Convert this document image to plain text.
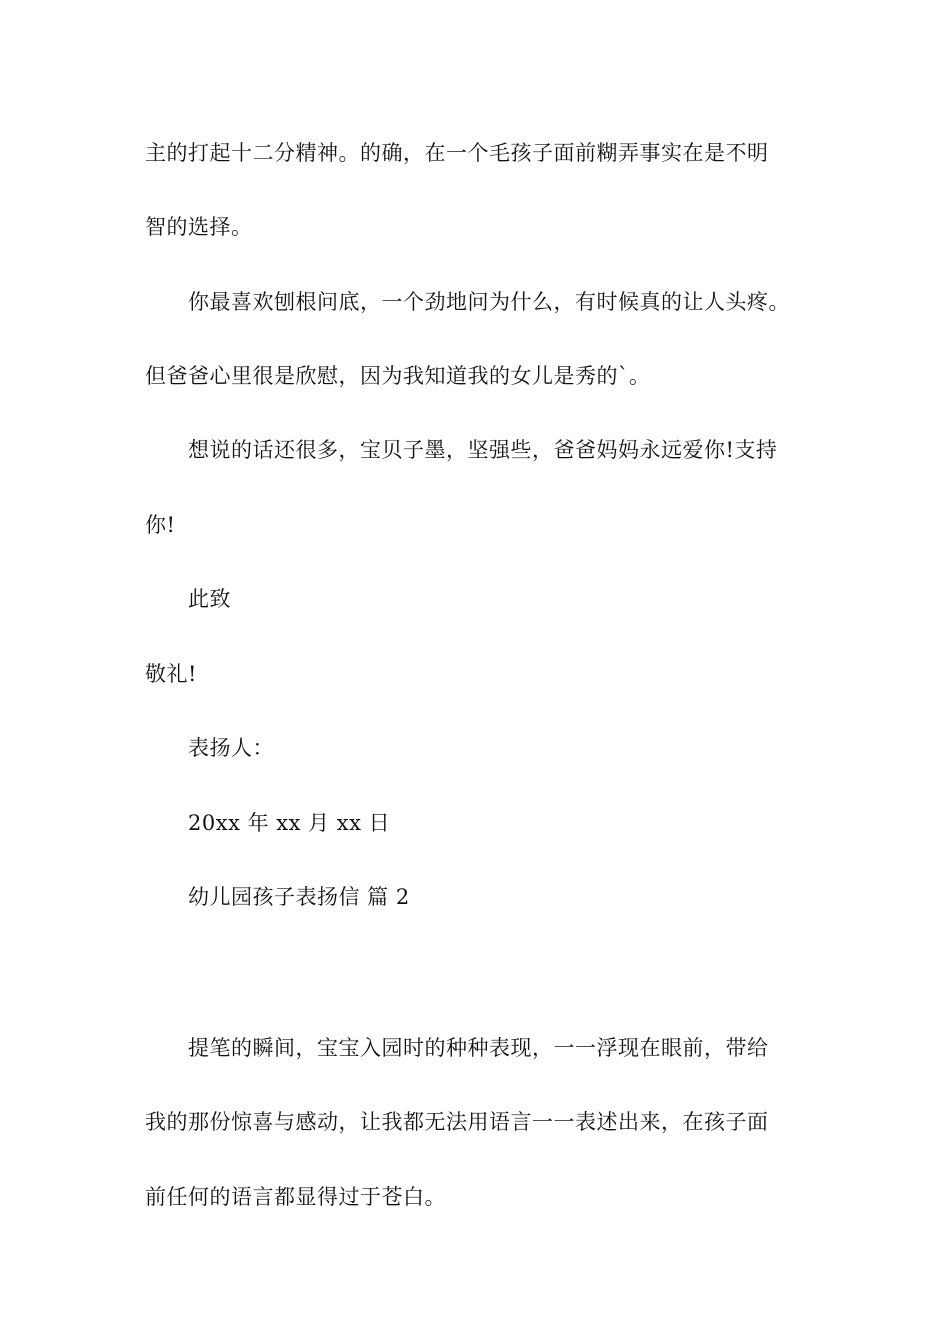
主的打起十二分精神。的确，在一个毛孩子面前糊弄事实在是不明
智的选择。
你最喜欢刨根问底，一个劲地问为什么，有时候真的让人头疼。
但爸爸心里很是欣慰，因为我知道我的女儿是秀的`。
想说的话还很多，宝贝子墨，坚强些，爸爸妈妈永远爱你!支持
你!
此致
敬礼!
表扬人：
20xx 年 xx 月 xx 日
幼儿园孩子表扬信 篇 2
提笔的瞬间，宝宝入园时的种种表现，一一浮现在眼前，带给
我的那份惊喜与感动，让我都无法用语言一一表述出来，在孩子面
前任何的语言都显得过于苍白。
